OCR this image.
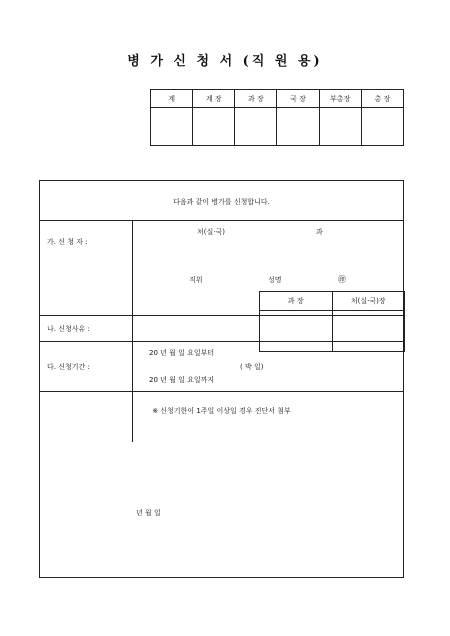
병 가 신 청 서 (직 원 용)
계	계 장	과 장	국 장	부총장	총 장

다음과 같이 병가를 신청합니다.
가. 신 청 자 :
처(실·국)	과
직위	성명	㊞
나. 신청사유 :
다. 신청기간 :
20 년 월 일 요일부터
( 박 일)
20 년 월 일 요일까지
※ 신청기한이 1주일 이상일 경우 진단서 첨부
년 월 일
과 장	처(실·국)장
